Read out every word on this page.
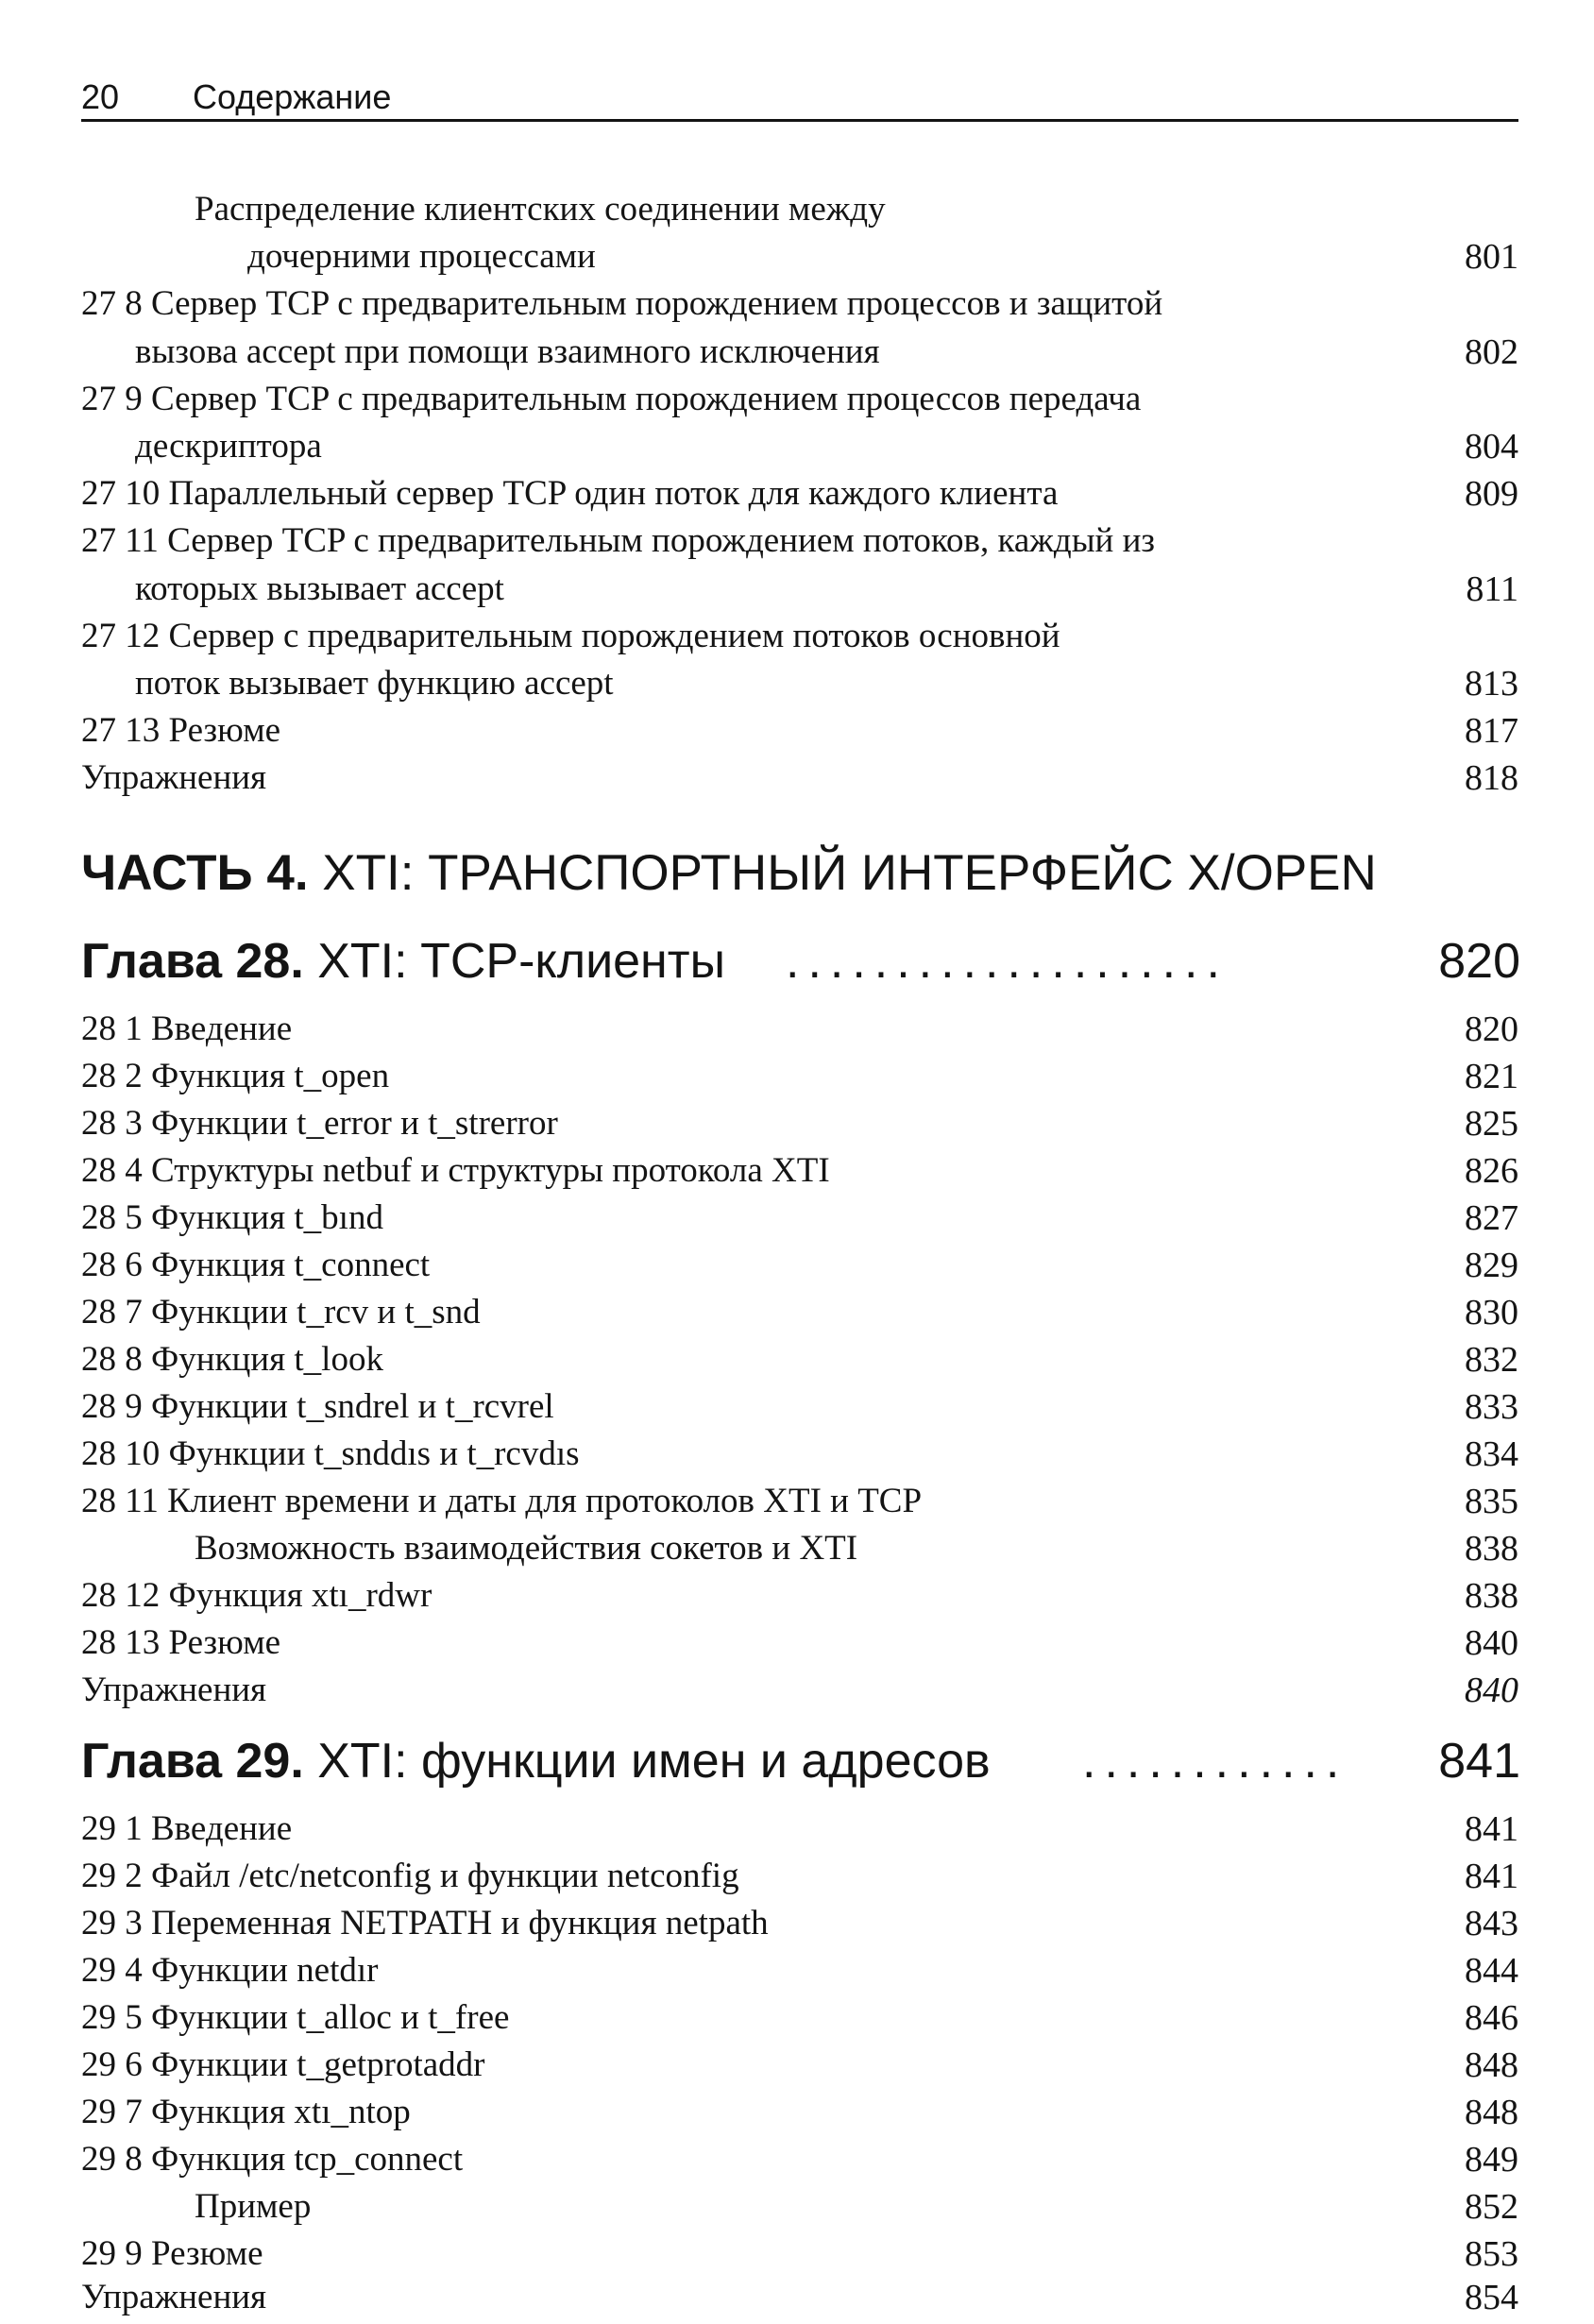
20 Содержание
Распределение клиентских соединении между
дочерними процессами	801
27 8 Сервер TCP с предварительным порождением процессов и защитой
вызова accept при помощи взаимного исключения	802
27 9 Сервер TCP с предварительным порождением процессов передача
дескриптора	804
27 10 Параллельный сервер TCP один поток для каждого клиента	809
27 11 Сервер TCP с предварительным порождением потоков, каждый из
которых вызывает accept	811
27 12 Сервер с предварительным порождением потоков основной
поток вызывает функцию accept	813
27 13 Резюме	817
Упражнения	818
ЧАСТЬ 4. XTI: ТРАНСПОРТНЫЙ ИНТЕРФЕЙС X/OPEN
Глава 28. XTI: TCP-клиенты ....................	820
28 1 Введение	820
28 2 Функция t_open	821
28 3 Функции t_error и t_strerror	825
28 4 Структуры netbuf и структуры протокола XTI	826
28 5 Функция t_bınd	827
28 6 Функция t_connect	829
28 7 Функции t_rcv и t_snd	830
28 8 Функция t_look	832
28 9 Функции t_sndrel и t_rcvrel	833
28 10 Функции t_snddıs и t_rcvdıs	834
28 11 Клиент времени и даты для протоколов XTI и TCP	835
Возможность взаимодействия сокетов и XTI	838
28 12 Функция xtı_rdwr	838
28 13 Резюме	840
Упражнения	840
Глава 29. XTI: функции имен и адресов ............ 841
29 1 Введение	841
29 2 Файл /etc/netconfig и функции netconfig	841
29 3 Переменная NETPATH и функция netpath	843
29 4 Функции netdır	844
29 5 Функции t_alloc и t_free	846
29 6 Функции t_getprotaddr	848
29 7 Функция xtı_ntop	848
29 8 Функция tcp_connect	849
Пример	852
29 9 Резюме	853
Упражнения	854
